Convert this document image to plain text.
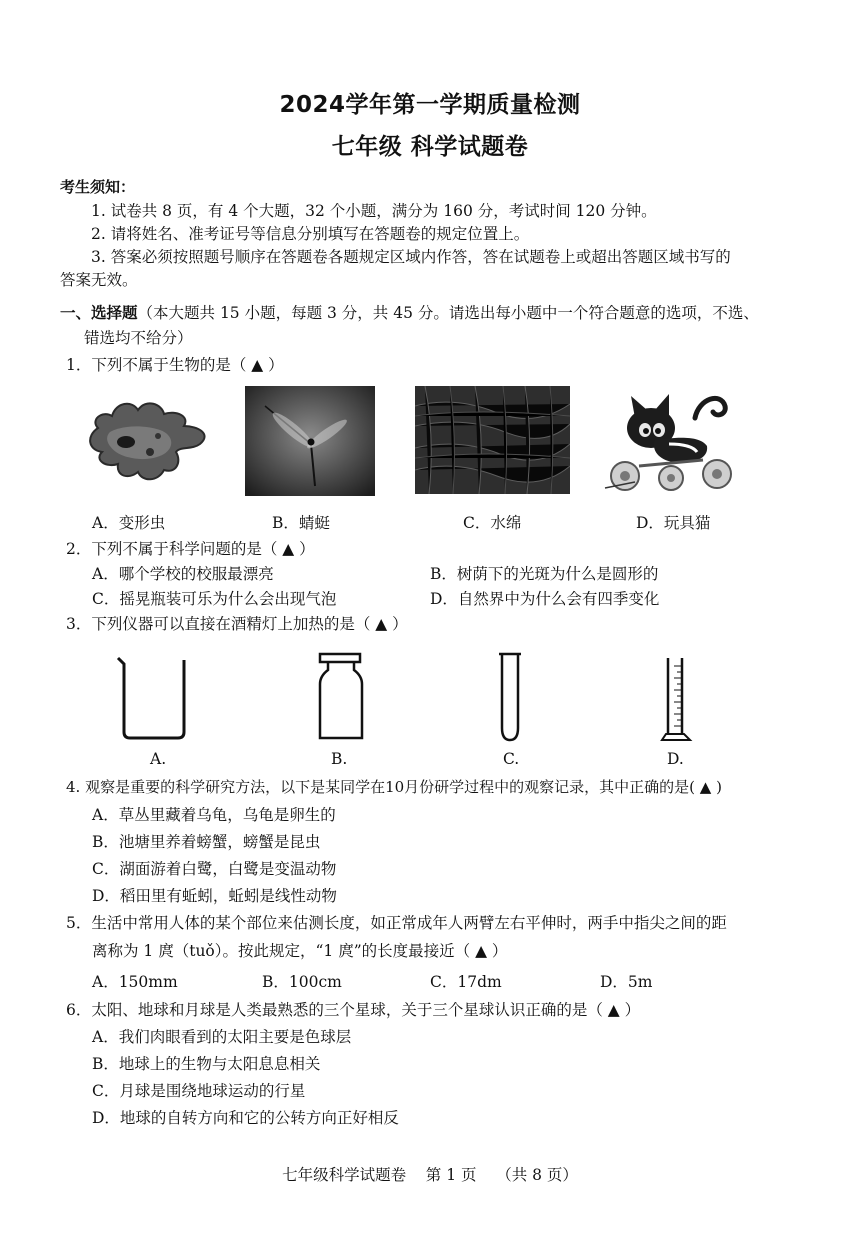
2024学年第一学期质量检测
七年级 科学试题卷
考生须知：
1. 试卷共 8 页，有 4 个大题，32 个小题，满分为 160 分，考试时间 120 分钟。
2. 请将姓名、准考证号等信息分别填写在答题卷的规定位置上。
3. 答案必须按照题号顺序在答题卷各题规定区域内作答，答在试题卷上或超出答题区域书写的
答案无效。
一、选择题（本大题共 15 小题，每题 3 分，共 45 分。请选出每小题中一个符合题意的选项，不选、
错选均不给分）
1．下列不属于生物的是（ ▲ ）
A．变形虫	B．蜻蜓	C．水绵	D．玩具猫
2．下列不属于科学问题的是（ ▲ ）
A．哪个学校的校服最漂亮	B．树荫下的光斑为什么是圆形的
C．摇晃瓶装可乐为什么会出现气泡	D．自然界中为什么会有四季变化
3．下列仪器可以直接在酒精灯上加热的是（ ▲ ）
A.	B.	C.	D.
4. 观察是重要的科学研究方法，以下是某同学在10月份研学过程中的观察记录，其中正确的是( ▲ )
A．草丛里藏着乌龟，乌龟是卵生的
B．池塘里养着螃蟹，螃蟹是昆虫
C．湖面游着白鹭，白鹭是变温动物
D．稻田里有蚯蚓，蚯蚓是线性动物
5．生活中常用人体的某个部位来估测长度，如正常成年人两臂左右平伸时，两手中指尖之间的距
离称为 1 庹（tuǒ）。按此规定，“1 庹”的长度最接近（ ▲ ）
A．150mm	B．100cm	C．17dm	D．5m
6．太阳、地球和月球是人类最熟悉的三个星球，关于三个星球认识正确的是（ ▲ ）
A．我们肉眼看到的太阳主要是色球层
B．地球上的生物与太阳息息相关
C．月球是围绕地球运动的行星
D．地球的自转方向和它的公转方向正好相反
七年级科学试题卷    第 1 页    （共 8 页）
